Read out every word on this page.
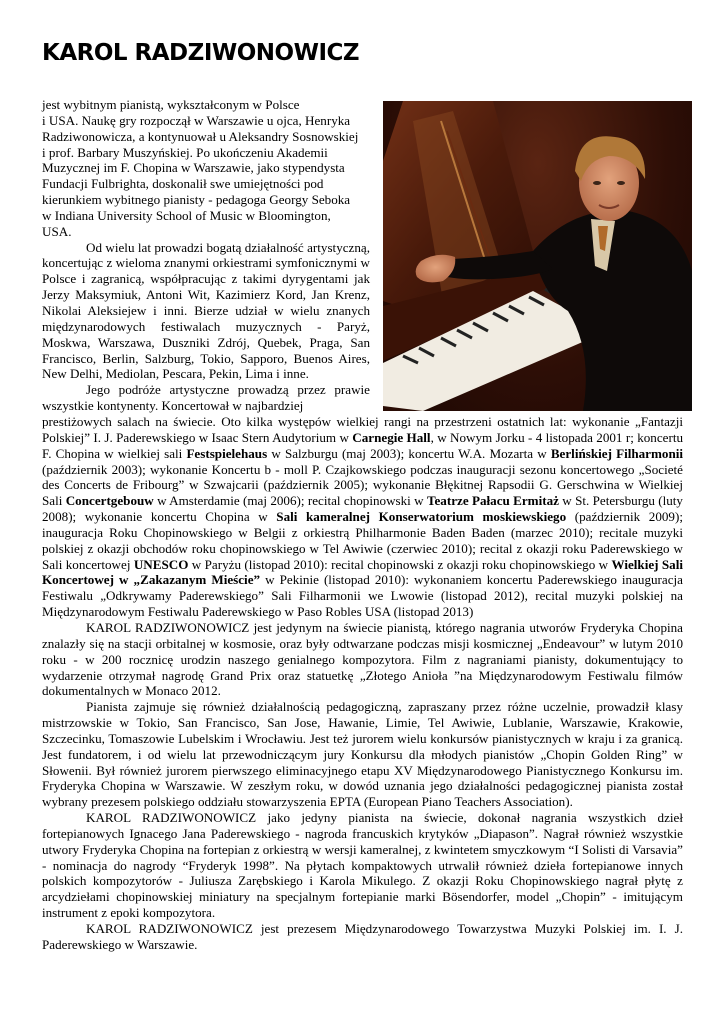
KAROL RADZIWONOWICZ
jest wybitnym pianistą, wykształconym w Polsce
i USA. Naukę gry rozpoczął w Warszawie u ojca, Henryka
Radziwonowicza, a kontynuował u Aleksandry Sosnowskiej
i prof. Barbary Muszyńskiej. Po ukończeniu Akademii
Muzycznej im F. Chopina w Warszawie, jako stypendysta
Fundacji Fulbrighta, doskonalił swe umiejętności pod
kierunkiem wybitnego pianisty - pedagoga Georgy Seboka
w Indiana University School of Music w Bloomington,
USA.

Od wielu lat prowadzi bogatą działalność artystyczną, koncertując z wieloma znanymi orkiestrami symfonicznymi w Polsce i zagranicą, współpracując z takimi dyrygentami jak Jerzy Maksymiuk, Antoni Wit, Kazimierz Kord, Jan Krenz, Nikolai Aleksiejew i inni. Bierze udział w wielu znanych międzynarodowych festiwalach muzycznych - Paryż, Moskwa, Warszawa, Duszniki Zdrój, Quebek, Praga, San Francisco, Berlin, Salzburg, Tokio, Sapporo, Buenos Aires, New Delhi, Mediolan, Pescara, Pekin, Lima i inne.

Jego podróże artystyczne prowadzą przez prawie wszystkie kontynenty. Koncertował w najbardziej

prestiżowych salach na świecie. Oto kilka występów wielkiej rangi na przestrzeni ostatnich lat: wykonanie „Fantazji Polskiej” I. J. Paderewskiego w Isaac Stern Audytorium w Carnegie Hall, w Nowym Jorku - 4 listopada 2001 r; koncertu F. Chopina w wielkiej sali Festspielehaus w Salzburgu (maj 2003); koncertu W.A. Mozarta w Berlińskiej Filharmonii (październik 2003); wykonanie Koncertu b - moll P. Czajkowskiego podczas inauguracji sezonu koncertowego „Societé des Concerts de Fribourg” w Szwajcarii (październik 2005); wykonanie Błękitnej Rapsodii G. Gerschwina w Wielkiej Sali Concertgebouw w Amsterdamie (maj 2006); recital chopinowski w Teatrze Pałacu Ermitaż w St. Petersburgu (luty 2008); wykonanie koncertu Chopina w Sali kameralnej Konserwatorium moskiewskiego (październik 2009); inauguracja Roku Chopinowskiego w Belgii z orkiestrą Philharmonie Baden Baden (marzec 2010); recitale muzyki polskiej z okazji obchodów roku chopinowskiego w Tel Awiwie (czerwiec 2010); recital z okazji roku Paderewskiego w Sali koncertowej UNESCO w Paryżu (listopad 2010): recital chopinowski z okazji roku chopinowskiego w Wielkiej Sali Koncertowej w „Zakazanym Mieście” w Pekinie (listopad 2010): wykonaniem koncertu Paderewskiego inauguracja Festiwalu „Odkrywamy Paderewskiego” Sali Filharmonii we Lwowie (listopad 2012), recital muzyki polskiej na Międzynarodowym Festiwalu Paderewskiego w Paso Robles USA (listopad 2013)

KAROL RADZIWONOWICZ jest jedynym na świecie pianistą, którego nagrania utworów Fryderyka Chopina znalazły się na stacji orbitalnej w kosmosie, oraz były odtwarzane podczas misji kosmicznej „Endeavour” w lutym 2010 roku - w 200 rocznicę urodzin naszego genialnego kompozytora. Film z nagraniami pianisty, dokumentujący to wydarzenie otrzymał nagrodę Grand Prix oraz statuetkę „Złotego Anioła ”na Międzynarodowym Festiwalu filmów dokumentalnych w Monaco 2012.

Pianista zajmuje się również działalnością pedagogiczną, zapraszany przez różne uczelnie, prowadził klasy mistrzowskie w Tokio, San Francisco, San Jose, Hawanie, Limie, Tel Awiwie, Lublanie, Warszawie, Krakowie, Szczecinku, Tomaszowie Lubelskim i Wrocławiu. Jest też jurorem wielu konkursów pianistycznych w kraju i za granicą. Jest fundatorem, i od wielu lat przewodniczącym jury Konkursu dla młodych pianistów „Chopin Golden Ring” w Słowenii. Był również jurorem pierwszego eliminacyjnego etapu XV Międzynarodowego Pianistycznego Konkursu im. Fryderyka Chopina w Warszawie. W zeszłym roku, w dowód uznania jego działalności pedagogicznej pianista został wybrany prezesem polskiego oddziału stowarzyszenia EPTA (European Piano Teachers Association).

KAROL RADZIWONOWICZ jako jedyny pianista na świecie, dokonał nagrania wszystkich dzieł fortepianowych Ignacego Jana Paderewskiego - nagroda francuskich krytyków „Diapason”. Nagrał również wszystkie utwory Fryderyka Chopina na fortepian z orkiestrą w wersji kameralnej, z kwintetem smyczkowym “I Solisti di Varsavia” - nominacja do nagrody “Fryderyk 1998”. Na płytach kompaktowych utrwalił również dzieła fortepianowe innych polskich kompozytorów - Juliusza Zarębskiego i Karola Mikulego. Z okazji Roku Chopinowskiego nagrał płytę z arcydziełami chopinowskiej miniatury na specjalnym fortepianie marki Bösendorfer, model „Chopin” - imitującym instrument z epoki kompozytora.

KAROL RADZIWONOWICZ jest prezesem Międzynarodowego Towarzystwa Muzyki Polskiej im. I. J. Paderewskiego w Warszawie.
